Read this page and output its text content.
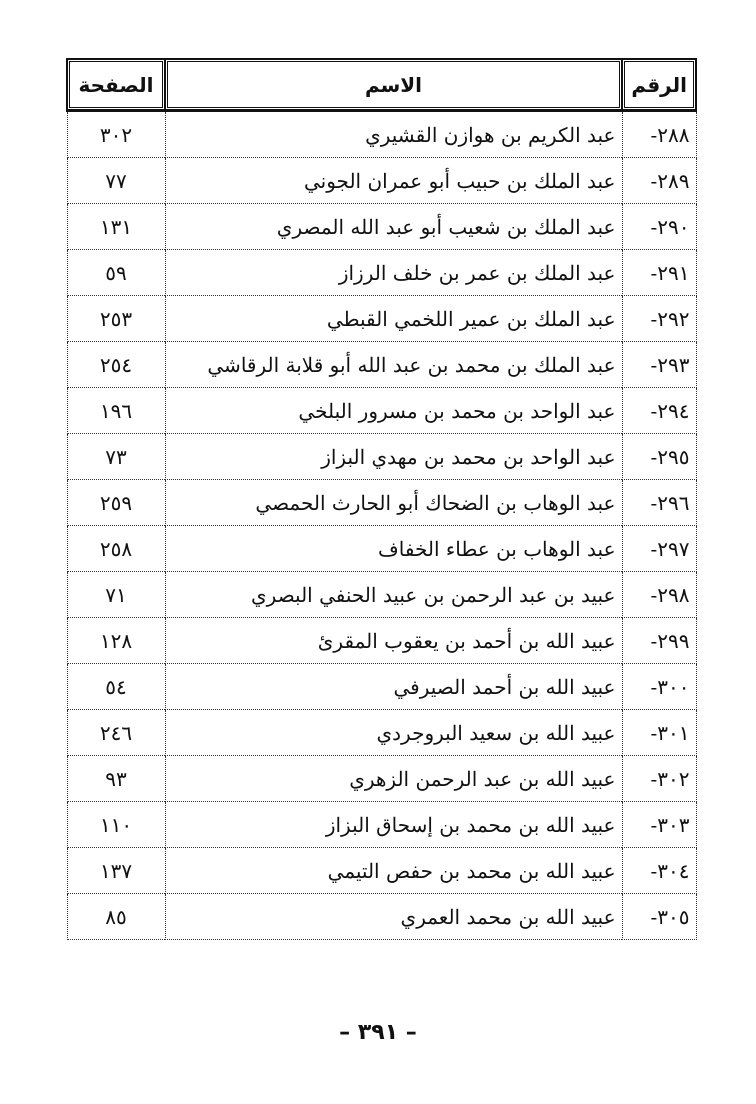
الرقم	الاسم	الصفحة
٢٨٨-	عبد الكريم بن هوازن القشيري	٣٠٢
٢٨٩-	عبد الملك بن حبيب أبو عمران الجوني	٧٧
٢٩٠-	عبد الملك بن شعيب أبو عبد الله المصري	١٣١
٢٩١-	عبد الملك بن عمر بن خلف الرزاز	٥٩
٢٩٢-	عبد الملك بن عمير اللخمي القبطي	٢٥٣
٢٩٣-	عبد الملك بن محمد بن عبد الله أبو قلابة الرقاشي	٢٥٤
٢٩٤-	عبد الواحد بن محمد بن مسرور البلخي	١٩٦
٢٩٥-	عبد الواحد بن محمد بن مهدي البزاز	٧٣
٢٩٦-	عبد الوهاب بن الضحاك أبو الحارث الحمصي	٢٥٩
٢٩٧-	عبد الوهاب بن عطاء الخفاف	٢٥٨
٢٩٨-	عبيد بن عبد الرحمن بن عبيد الحنفي البصري	٧١
٢٩٩-	عبيد الله بن أحمد بن يعقوب المقرئ	١٢٨
٣٠٠-	عبيد الله بن أحمد الصيرفي	٥٤
٣٠١-	عبيد الله بن سعيد البروجردي	٢٤٦
٣٠٢-	عبيد الله بن عبد الرحمن الزهري	٩٣
٣٠٣-	عبيد الله بن محمد بن إسحاق البزاز	١١٠
٣٠٤-	عبيد الله بن محمد بن حفص التيمي	١٣٧
٣٠٥-	عبيد الله بن محمد العمري	٨٥
– ٣٩١ –
